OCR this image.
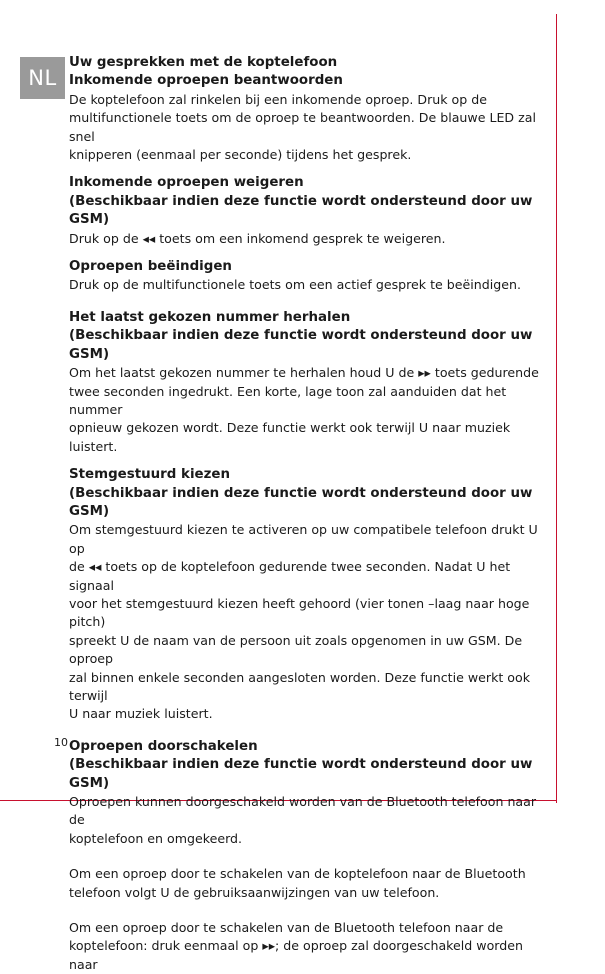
NL

Uw gesprekken met de koptelefoon

Inkomende oproepen beantwoorden

De koptelefoon zal rinkelen bij een inkomende oproep. Druk op de

multifunctionele toets om de oproep te beantwoorden. De blauwe LED zal snel

knipperen (eenmaal per seconde) tijdens het gesprek.

Inkomende oproepen weigeren

(Beschikbaar indien deze functie wordt ondersteund door uw GSM)

Druk op de ◂◂ toets om een inkomend gesprek te weigeren.

Oproepen beëindigen

Druk op de multifunctionele toets om een actief gesprek te beëindigen.

Het laatst gekozen nummer herhalen

(Beschikbaar indien deze functie wordt ondersteund door uw GSM)

Om het laatst gekozen nummer te herhalen houd U de ▸▸ toets gedurende

twee seconden ingedrukt. Een korte, lage toon zal aanduiden dat het nummer

opnieuw gekozen wordt. Deze functie werkt ook terwijl U naar muziek luistert.

Stemgestuurd kiezen

(Beschikbaar indien deze functie wordt ondersteund door uw GSM)

Om stemgestuurd kiezen te activeren op uw compatibele telefoon drukt U op

de ◂◂ toets op de koptelefoon gedurende twee seconden. Nadat U het signaal

voor het stemgestuurd kiezen heeft gehoord (vier tonen –laag naar hoge pitch)

spreekt U de naam van de persoon uit zoals opgenomen in uw GSM. De oproep

zal binnen enkele seconden aangesloten worden. Deze functie werkt ook terwijl

U naar muziek luistert.

Oproepen doorschakelen

(Beschikbaar indien deze functie wordt ondersteund door uw GSM)

Oproepen kunnen doorgeschakeld worden van de Bluetooth telefoon naar de

koptelefoon en omgekeerd.

Om een oproep door te schakelen van de koptelefoon naar de Bluetooth

telefoon volgt U de gebruiksaanwijzingen van uw telefoon.

Om een oproep door te schakelen van de Bluetooth telefoon naar de

koptelefoon: druk eenmaal op ▸▸; de oproep zal doorgeschakeld worden naar

10
